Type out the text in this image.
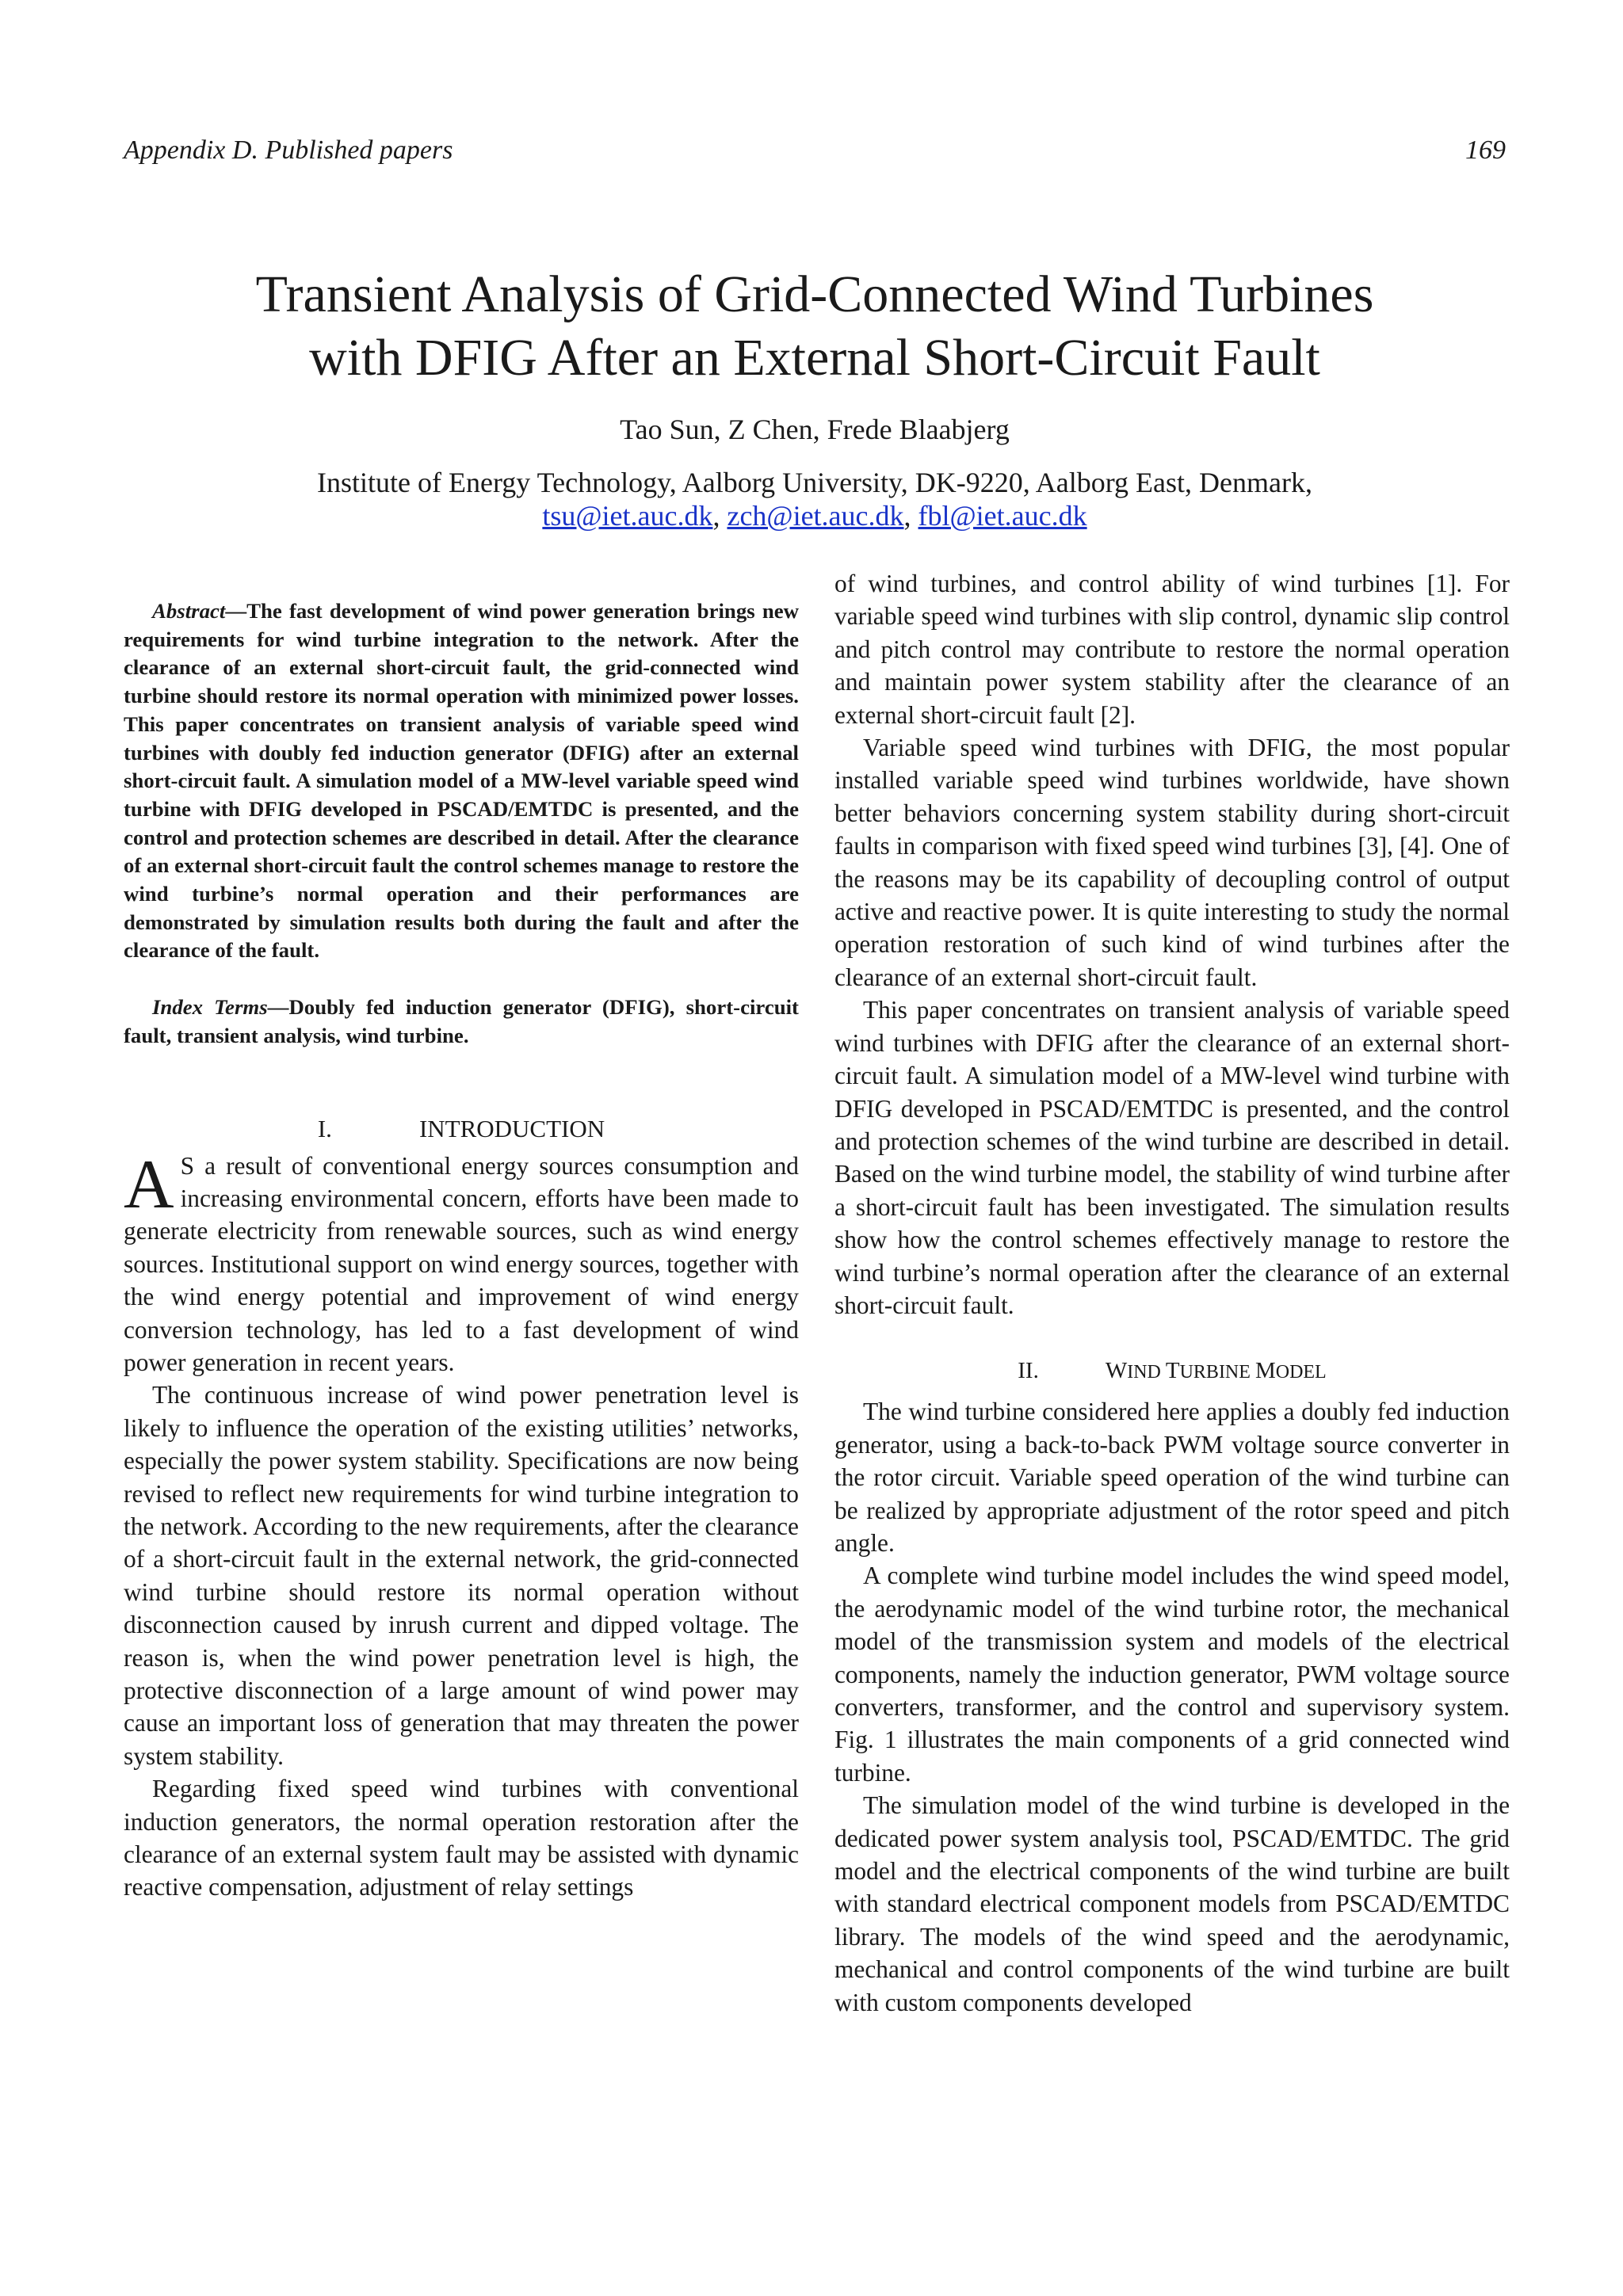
Appendix D. Published papers	169
Transient Analysis of Grid-Connected Wind Turbines
with DFIG After an External Short-Circuit Fault
Tao Sun, Z Chen, Frede Blaabjerg
Institute of Energy Technology, Aalborg University, DK-9220, Aalborg East, Denmark,
tsu@iet.auc.dk, zch@iet.auc.dk, fbl@iet.auc.dk

Abstract—The fast development of wind power generation brings new requirements for wind turbine integration to the network. After the clearance of an external short-circuit fault, the grid-connected wind turbine should restore its normal operation with minimized power losses. This paper concentrates on transient analysis of variable speed wind turbines with doubly fed induction generator (DFIG) after an external short-circuit fault. A simulation model of a MW-level variable speed wind turbine with DFIG developed in PSCAD/EMTDC is presented, and the control and protection schemes are described in detail. After the clearance of an external short-circuit fault the control schemes manage to restore the wind turbine’s normal operation and their performances are demonstrated by simulation results both during the fault and after the clearance of the fault.

Index Terms—Doubly fed induction generator (DFIG), short-circuit fault, transient analysis, wind turbine.

I.	INTRODUCTION

A S a result of conventional energy sources consumption and increasing environmental concern, efforts have been made to generate electricity from renewable sources, such as wind energy sources. Institutional support on wind energy sources, together with the wind energy potential and improvement of wind energy conversion technology, has led to a fast development of wind power generation in recent years.

The continuous increase of wind power penetration level is likely to influence the operation of the existing utilities’ networks, especially the power system stability. Specifications are now being revised to reflect new requirements for wind turbine integration to the network. According to the new requirements, after the clearance of a short-circuit fault in the external network, the grid-connected wind turbine should restore its normal operation without disconnection caused by inrush current and dipped voltage. The reason is, when the wind power penetration level is high, the protective disconnection of a large amount of wind power may cause an important loss of generation that may threaten the power system stability.

Regarding fixed speed wind turbines with conventional induction generators, the normal operation restoration after the clearance of an external system fault may be assisted with dynamic reactive compensation, adjustment of relay settings

of wind turbines, and control ability of wind turbines [1]. For variable speed wind turbines with slip control, dynamic slip control and pitch control may contribute to restore the normal operation and maintain power system stability after the clearance of an external short-circuit fault [2].

Variable speed wind turbines with DFIG, the most popular installed variable speed wind turbines worldwide, have shown better behaviors concerning system stability during short-circuit faults in comparison with fixed speed wind turbines [3], [4]. One of the reasons may be its capability of decoupling control of output active and reactive power. It is quite interesting to study the normal operation restoration of such kind of wind turbines after the clearance of an external short-circuit fault.

This paper concentrates on transient analysis of variable speed wind turbines with DFIG after the clearance of an external short-circuit fault. A simulation model of a MW-level wind turbine with DFIG developed in PSCAD/EMTDC is presented, and the control and protection schemes of the wind turbine are described in detail. Based on the wind turbine model, the stability of wind turbine after a short-circuit fault has been investigated. The simulation results show how the control schemes effectively manage to restore the wind turbine’s normal operation after the clearance of an external short-circuit fault.

II.	WIND TURBINE MODEL

The wind turbine considered here applies a doubly fed induction generator, using a back-to-back PWM voltage source converter in the rotor circuit. Variable speed operation of the wind turbine can be realized by appropriate adjustment of the rotor speed and pitch angle.

A complete wind turbine model includes the wind speed model, the aerodynamic model of the wind turbine rotor, the mechanical model of the transmission system and models of the electrical components, namely the induction generator, PWM voltage source converters, transformer, and the control and supervisory system. Fig. 1 illustrates the main components of a grid connected wind turbine.

The simulation model of the wind turbine is developed in the dedicated power system analysis tool, PSCAD/EMTDC. The grid model and the electrical components of the wind turbine are built with standard electrical component models from PSCAD/EMTDC library. The models of the wind speed and the aerodynamic, mechanical and control components of the wind turbine are built with custom components developed
